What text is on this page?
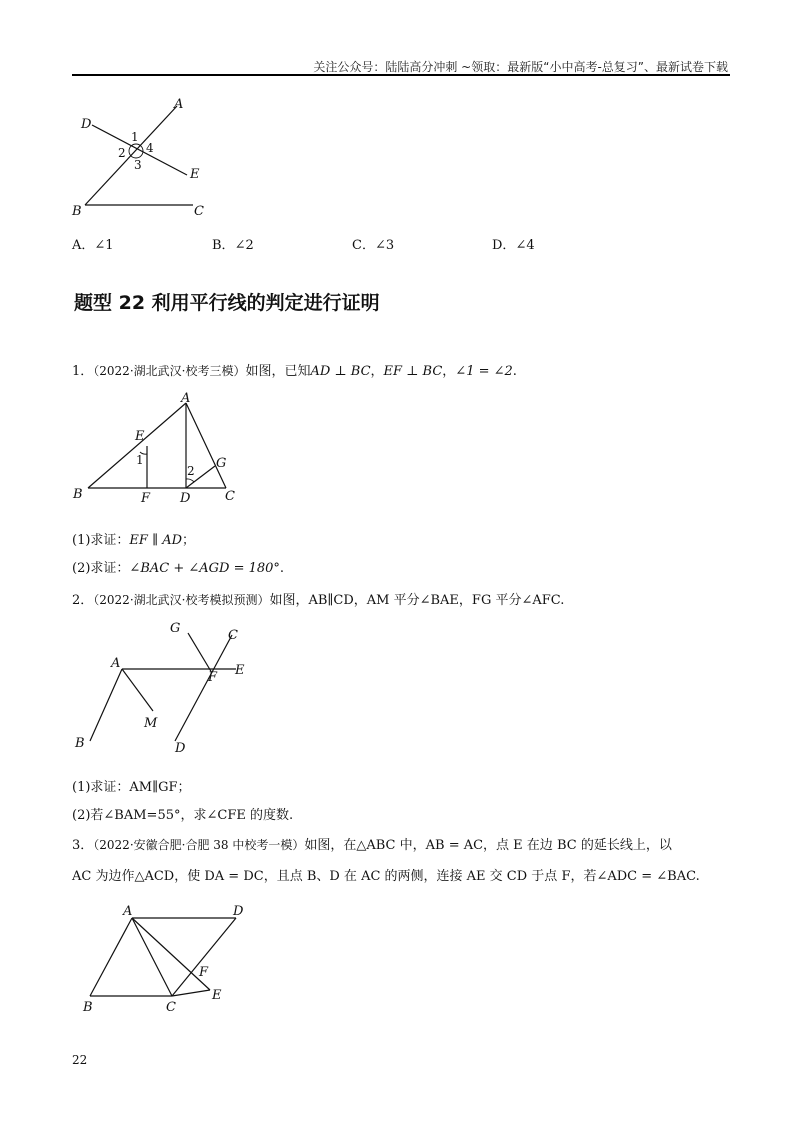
关注公众号：陆陆高分冲刺 ~领取：最新版“小中高考-总复习”、最新试卷下载
A
D
E
B	C
1
2
3
4
A．∠1	B．∠2	C．∠3	D．∠4
题型 22 利用平行线的判定进行证明
1．（2022·湖北武汉·校考三模）如图，已知AD ⊥ BC，EF ⊥ BC，∠1 = ∠2.
A
E
G
B	F D	C
1
2
(1)求证：EF ∥ AD；
(2)求证：∠BAC + ∠AGD = 180°.
2．（2022·湖北武汉·校考模拟预测）如图，AB∥CD，AM 平分∠BAE，FG 平分∠AFC.
G	C
A	E
F
M
B	D
(1)求证：AM∥GF；
(2)若∠BAM=55°，求∠CFE 的度数.
3．（2022·安徽合肥·合肥 38 中校考一模）如图，在△ABC 中，AB = AC，点 E 在边 BC 的延长线上，以
AC 为边作△ACD，使 DA = DC，且点 B、D 在 AC 的两侧，连接 AE 交 CD 于点 F，若∠ADC = ∠BAC.
A	D
F
E
B	C
22
